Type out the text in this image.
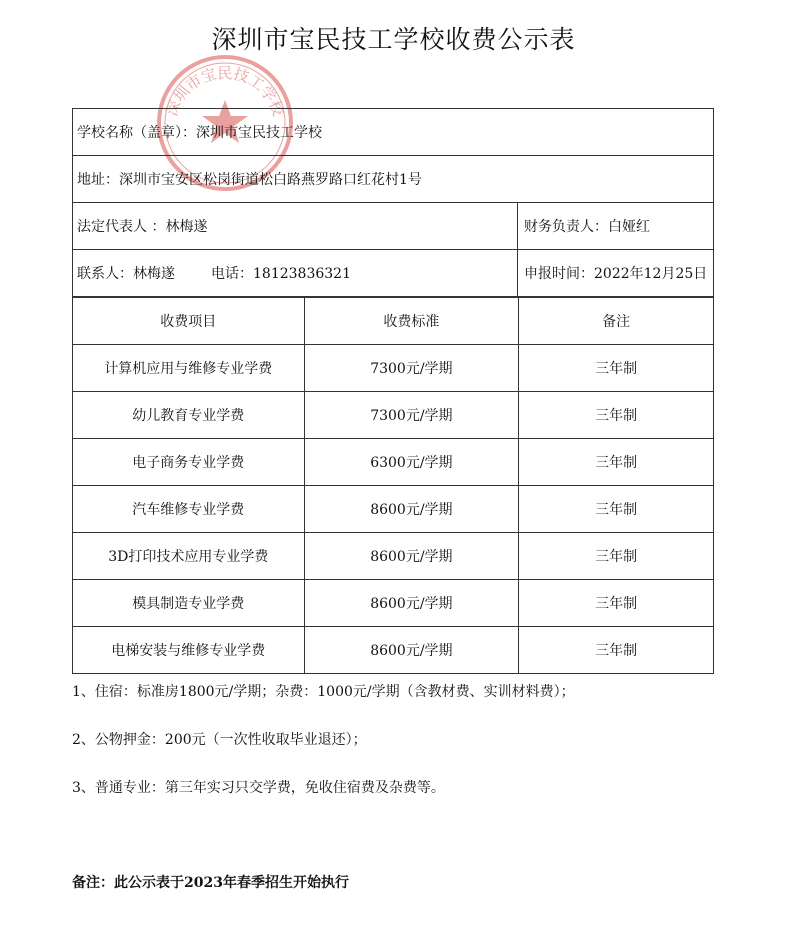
深圳市宝民技工学校收费公示表
深圳市宝民技工学校
学校名称（盖章）：深圳市宝民技工学校
地址：深圳市宝安区松岗街道松白路燕罗路口红花村1号
法定代表人 ：林梅遂	财务负责人：白娅红
联系人：林梅遂	电话：18123836321	申报时间：2022年12月25日
收费项目	收费标准	备注
计算机应用与维修专业学费	7300元/学期	三年制
幼儿教育专业学费	7300元/学期	三年制
电子商务专业学费	6300元/学期	三年制
汽车维修专业学费	8600元/学期	三年制
3D打印技术应用专业学费	8600元/学期	三年制
模具制造专业学费	8600元/学期	三年制
电梯安装与维修专业学费	8600元/学期	三年制
1、住宿：标准房1800元/学期；杂费：1000元/学期（含教材费、实训材料费）；
2、公物押金：200元（一次性收取毕业退还）；
3、普通专业：第三年实习只交学费，免收住宿费及杂费等。
备注：此公示表于2023年春季招生开始执行
